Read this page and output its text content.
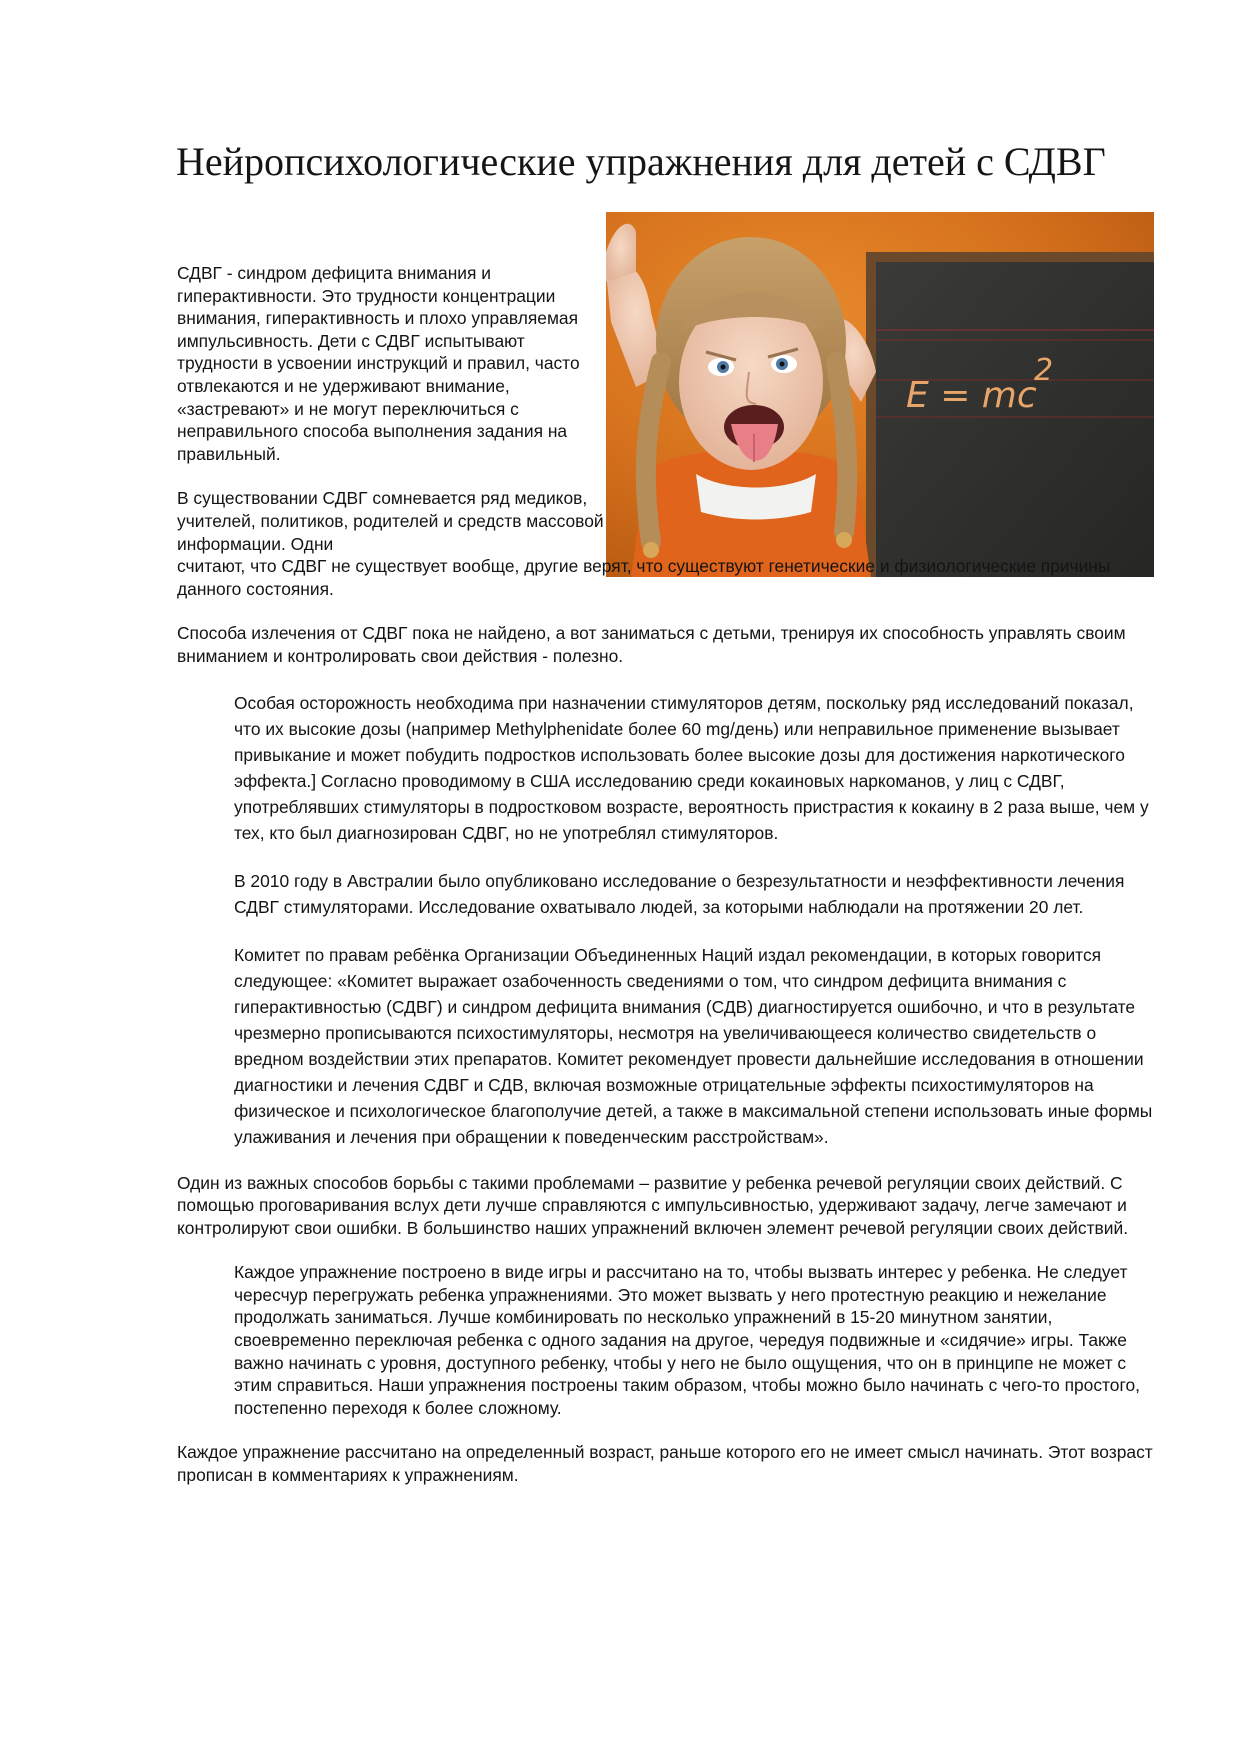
Нейропсихологические упражнения для детей с СДВГ
E = mc
2

СДВГ - синдром дефицита внимания и гиперактивности. Это трудности концентрации внимания, гиперактивность и плохо управляемая импульсивность. Дети с СДВГ испытывают трудности в усвоении инструкций и правил, часто отвлекаются и не удерживают внимание, «застревают» и не могут переключиться с неправильного способа выполнения задания на правильный.

В существовании СДВГ сомневается ряд медиков, учителей, политиков, родителей и средств массовой информации. Одни

считают, что СДВГ не существует вообще, другие верят, что существуют генетические и физиологические причины данного состояния.

Способа излечения от СДВГ пока не найдено, а вот заниматься с детьми, тренируя их способность управлять своим вниманием и контролировать свои действия - полезно.

Особая осторожность необходима при назначении стимуляторов детям, поскольку ряд исследований показал, что их высокие дозы (например Methylphenidate более 60 mg/день) или неправильное применение вызывает привыкание и может побудить подростков использовать более высокие дозы для достижения наркотического эффекта.] Согласно проводимому в США исследованию среди кокаиновых наркоманов, у лиц с СДВГ, употреблявших стимуляторы в подростковом возрасте, вероятность пристрастия к кокаину в 2 раза выше, чем у тех, кто был диагнозирован СДВГ, но не употреблял стимуляторов.

В 2010 году в Австралии было опубликовано исследование о безрезультатности и неэффективности лечения СДВГ стимуляторами. Исследование охватывало людей, за которыми наблюдали на протяжении 20 лет.

Комитет по правам ребёнка Организации Объединенных Наций издал рекомендации, в которых говорится следующее: «Комитет выражает озабоченность сведениями о том, что синдром дефицита внимания с гиперактивностью (СДВГ) и синдром дефицита внимания (СДВ) диагностируется ошибочно, и что в результате чрезмерно прописываются психостимуляторы, несмотря на увеличивающееся количество свидетельств о вредном воздействии этих препаратов. Комитет рекомендует провести дальнейшие исследования в отношении диагностики и лечения СДВГ и СДВ, включая возможные отрицательные эффекты психостимуляторов на физическое и психологическое благополучие детей, а также в максимальной степени использовать иные формы улаживания и лечения при обращении к поведенческим расстройствам».

Один из важных способов борьбы с такими проблемами – развитие у ребенка речевой регуляции своих действий. С помощью проговаривания вслух дети лучше справляются с импульсивностью, удерживают задачу, легче замечают и контролируют свои ошибки. В большинство наших упражнений включен элемент речевой регуляции своих действий.

Каждое упражнение построено в виде игры и рассчитано на то, чтобы вызвать интерес у ребенка. Не следует чересчур перегружать ребенка упражнениями. Это может вызвать у него протестную реакцию и нежелание продолжать заниматься. Лучше комбинировать по несколько упражнений в 15-20 минутном занятии, своевременно переключая ребенка с одного задания на другое, чередуя подвижные и «сидячие» игры. Также важно начинать с уровня, доступного ребенку, чтобы у него не было ощущения, что он в принципе не может с этим справиться. Наши упражнения построены таким образом, чтобы можно было начинать с чего-то простого, постепенно переходя к более сложному.

Каждое упражнение рассчитано на определенный возраст, раньше которого его не имеет смысл начинать. Этот возраст прописан в комментариях к упражнениям.
